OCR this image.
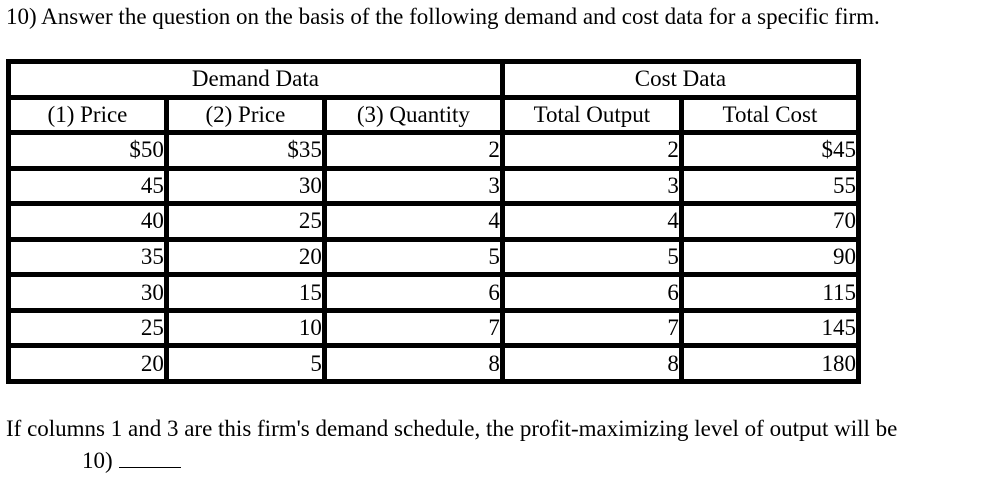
10) Answer the question on the basis of the following demand and cost data for a specific firm.
Demand Data			Cost Data	
(1) Price	(2) Price	(3) Quantity	Total Output	Total Cost
$50	$35	2	2	$45
45	30	3	3	55
40	25	4	4	70
35	20	5	5	90
30	15	6	6	115
25	10	7	7	145
20	5	8	8	180
If columns 1 and 3 are this firm's demand schedule, the profit-maximizing level of output will be
10)
